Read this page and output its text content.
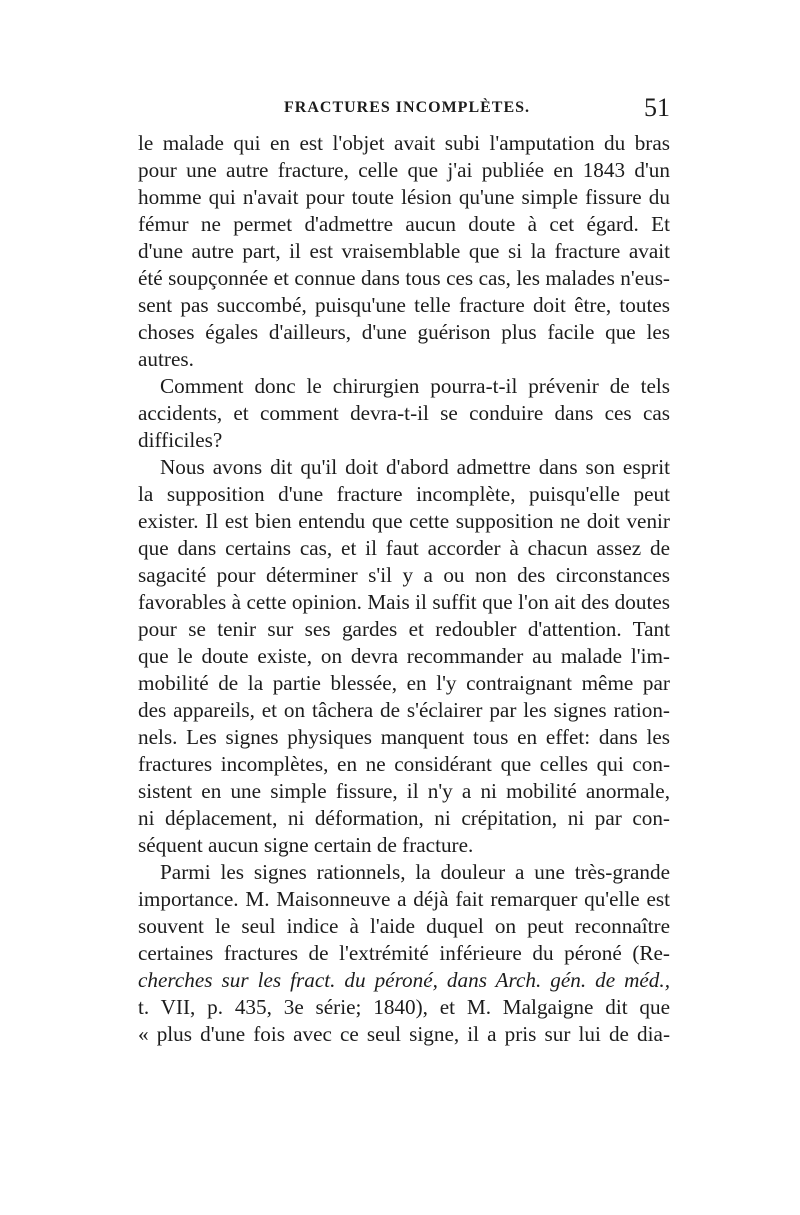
FRACTURES INCOMPLÈTES.	51
le malade qui en est l'objet avait subi l'amputation du bras
pour une autre fracture, celle que j'ai publiée en 1843 d'un
homme qui n'avait pour toute lésion qu'une simple fissure du
fémur ne permet d'admettre aucun doute à cet égard. Et
d'une autre part, il est vraisemblable que si la fracture avait
été soupçonnée et connue dans tous ces cas, les malades n'eus-
sent pas succombé, puisqu'une telle fracture doit être, toutes
choses égales d'ailleurs, d'une guérison plus facile que les
autres.
Comment donc le chirurgien pourra-t-il prévenir de tels
accidents, et comment devra-t-il se conduire dans ces cas
difficiles?
Nous avons dit qu'il doit d'abord admettre dans son esprit
la supposition d'une fracture incomplète, puisqu'elle peut
exister. Il est bien entendu que cette supposition ne doit venir
que dans certains cas, et il faut accorder à chacun assez de
sagacité pour déterminer s'il y a ou non des circonstances
favorables à cette opinion. Mais il suffit que l'on ait des doutes
pour se tenir sur ses gardes et redoubler d'attention. Tant
que le doute existe, on devra recommander au malade l'im-
mobilité de la partie blessée, en l'y contraignant même par
des appareils, et on tâchera de s'éclairer par les signes ration-
nels. Les signes physiques manquent tous en effet: dans les
fractures incomplètes, en ne considérant que celles qui con-
sistent en une simple fissure, il n'y a ni mobilité anormale,
ni déplacement, ni déformation, ni crépitation, ni par con-
séquent aucun signe certain de fracture.
Parmi les signes rationnels, la douleur a une très-grande
importance. M. Maisonneuve a déjà fait remarquer qu'elle est
souvent le seul indice à l'aide duquel on peut reconnaître
certaines fractures de l'extrémité inférieure du péroné (Re-
cherches sur les fract. du péroné, dans Arch. gén. de méd.,
t. VII, p. 435, 3e série; 1840), et M. Malgaigne dit que
« plus d'une fois avec ce seul signe, il a pris sur lui de dia-
